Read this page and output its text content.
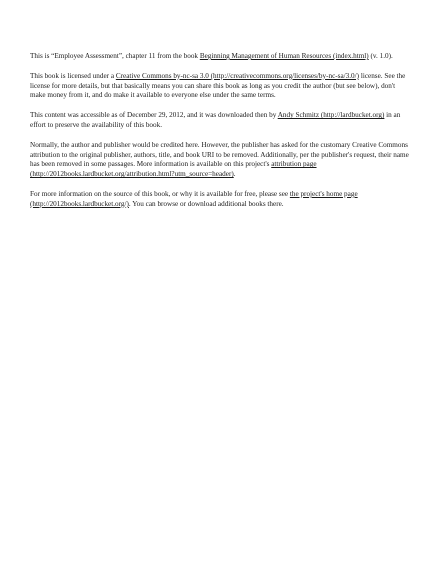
This is “Employee Assessment”, chapter 11 from the book Beginning Management of Human Resources (index.html) (v. 1.0).

This book is licensed under a Creative Commons by-nc-sa 3.0 (http://creativecommons.org/licenses/by-nc-sa/3.0/) license. See the license for more details, but that basically means you can share this book as long as you credit the author (but see below), don't make money from it, and do make it available to everyone else under the same terms.

This content was accessible as of December 29, 2012, and it was downloaded then by Andy Schmitz (http://lardbucket.org) in an effort to preserve the availability of this book.

Normally, the author and publisher would be credited here. However, the publisher has asked for the customary Creative Commons attribution to the original publisher, authors, title, and book URI to be removed. Additionally, per the publisher's request, their name has been removed in some passages. More information is available on this project's attribution page (http://2012books.lardbucket.org/attribution.html?utm_source=header).

For more information on the source of this book, or why it is available for free, please see the project's home page (http://2012books.lardbucket.org/). You can browse or download additional books there.
